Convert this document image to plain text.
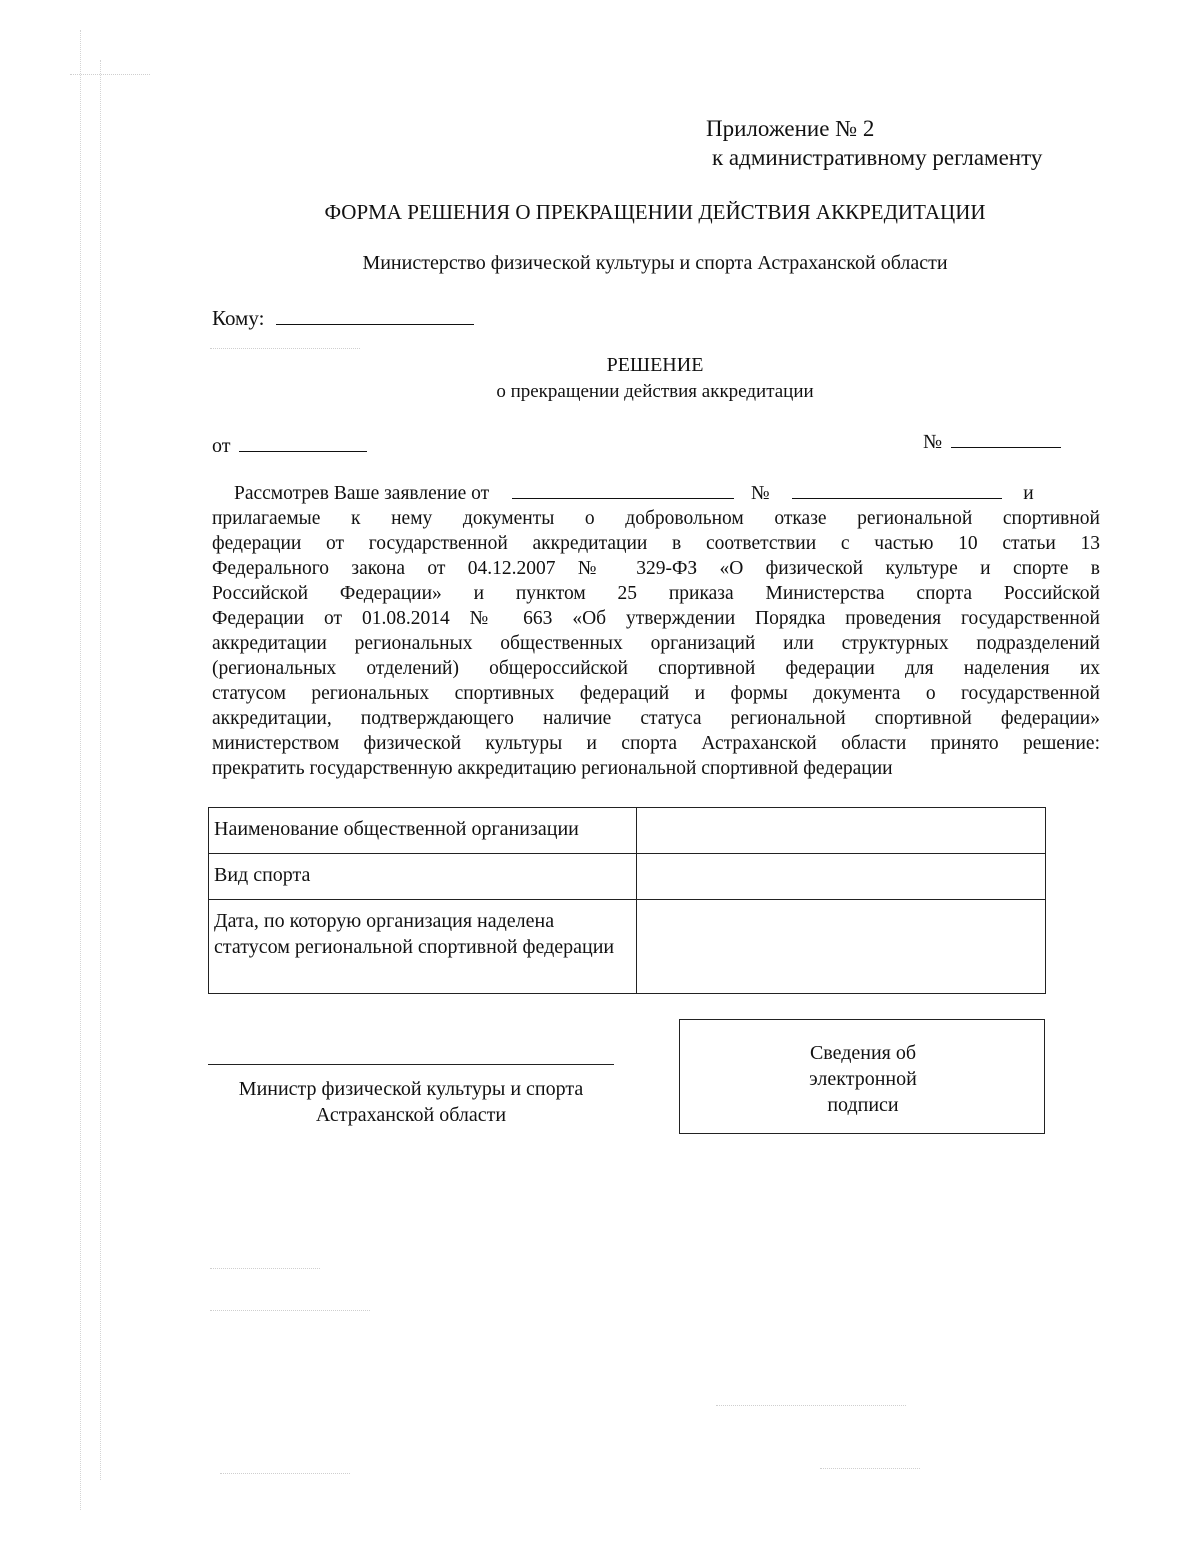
Приложение № 2
к административному регламенту
ФОРМА РЕШЕНИЯ О ПРЕКРАЩЕНИИ ДЕЙСТВИЯ АККРЕДИТАЦИИ
Министерство физической культуры и спорта Астраханской области
Кому:
РЕШЕНИЕ
о прекращении действия аккредитации
от	№
Рассмотрев Ваше заявление от	№	и
прилагаемые к нему документы о добровольном отказе региональной спортивной
федерации от государственной аккредитации в соответствии с частью 10 статьи 13
Федерального закона от 04.12.2007 № 329-ФЗ «О физической культуре и спорте в
Российской Федерации» и пунктом 25 приказа Министерства спорта Российской
Федерации от 01.08.2014 № 663 «Об утверждении Порядка проведения государственной
аккредитации региональных общественных организаций или структурных подразделений
(региональных отделений) общероссийской спортивной федерации для наделения их
статусом региональных спортивных федераций и формы документа о государственной
аккредитации, подтверждающего наличие статуса региональной спортивной федерации»
министерством физической культуры и спорта Астраханской области принято решение:
прекратить государственную аккредитацию региональной спортивной федерации
Наименование общественной организации	
Вид спорта	
Дата, по которую организация наделена статусом региональной спортивной федерации	
Министр физической культуры и спорта
Астраханской области
Сведения об
электронной
подписи
